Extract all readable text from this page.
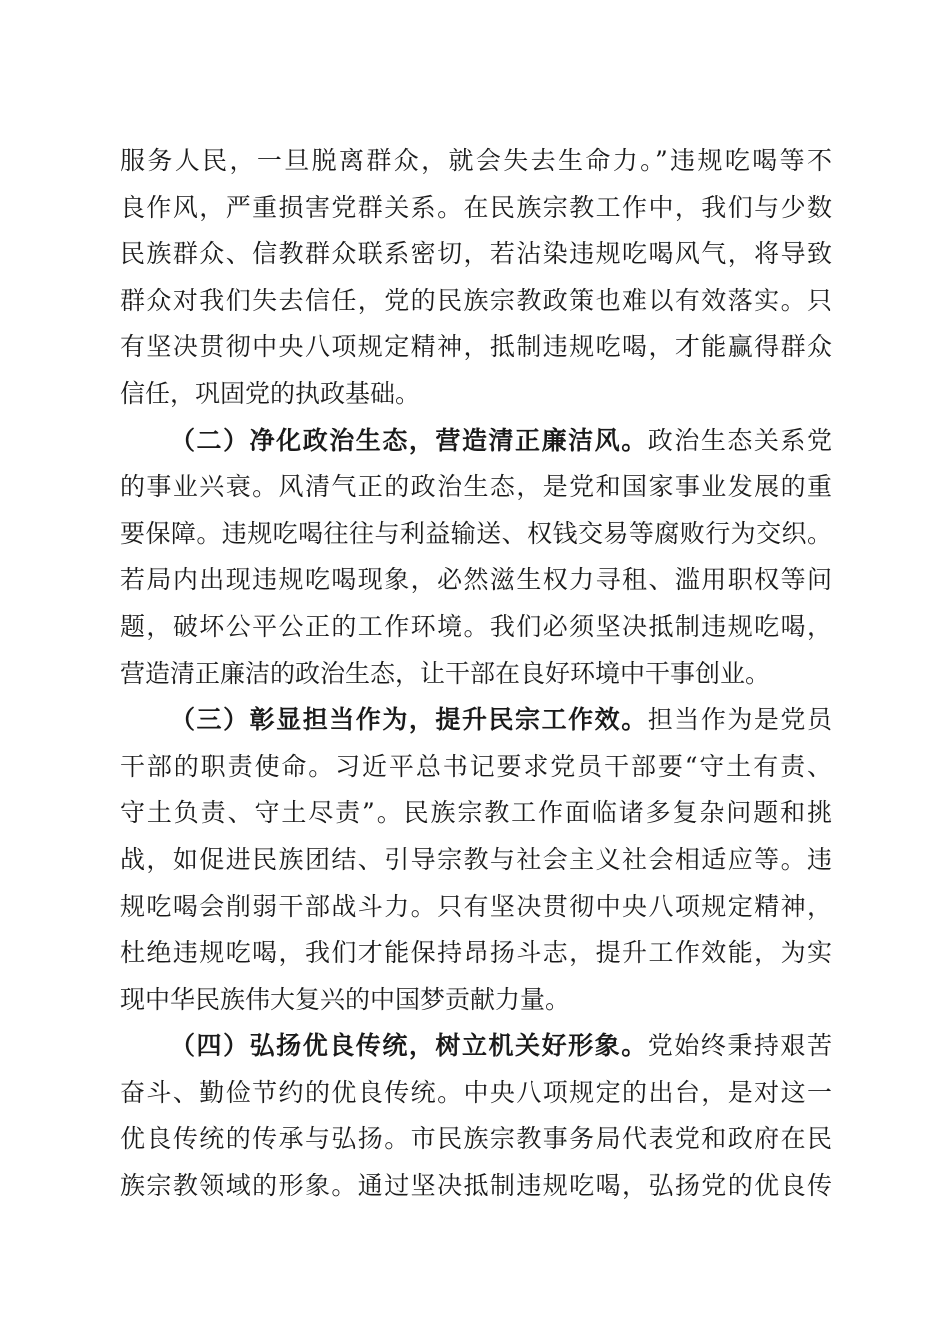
服务人民，一旦脱离群众，就会失去生命力。”违规吃喝等不
良作风，严重损害党群关系。在民族宗教工作中，我们与少数
民族群众、信教群众联系密切，若沾染违规吃喝风气，将导致
群众对我们失去信任，党的民族宗教政策也难以有效落实。只
有坚决贯彻中央八项规定精神，抵制违规吃喝，才能赢得群众
信任，巩固党的执政基础。
（二）净化政治生态，营造清正廉洁风。政治生态关系党
的事业兴衰。风清气正的政治生态，是党和国家事业发展的重
要保障。违规吃喝往往与利益输送、权钱交易等腐败行为交织。
若局内出现违规吃喝现象，必然滋生权力寻租、滥用职权等问
题，破坏公平公正的工作环境。我们必须坚决抵制违规吃喝，
营造清正廉洁的政治生态，让干部在良好环境中干事创业。
（三）彰显担当作为，提升民宗工作效。担当作为是党员
干部的职责使命。习近平总书记要求党员干部要“守土有责、
守土负责、守土尽责”。民族宗教工作面临诸多复杂问题和挑
战，如促进民族团结、引导宗教与社会主义社会相适应等。违
规吃喝会削弱干部战斗力。只有坚决贯彻中央八项规定精神，
杜绝违规吃喝，我们才能保持昂扬斗志，提升工作效能，为实
现中华民族伟大复兴的中国梦贡献力量。
（四）弘扬优良传统，树立机关好形象。党始终秉持艰苦
奋斗、勤俭节约的优良传统。中央八项规定的出台，是对这一
优良传统的传承与弘扬。市民族宗教事务局代表党和政府在民
族宗教领域的形象。通过坚决抵制违规吃喝，弘扬党的优良传
